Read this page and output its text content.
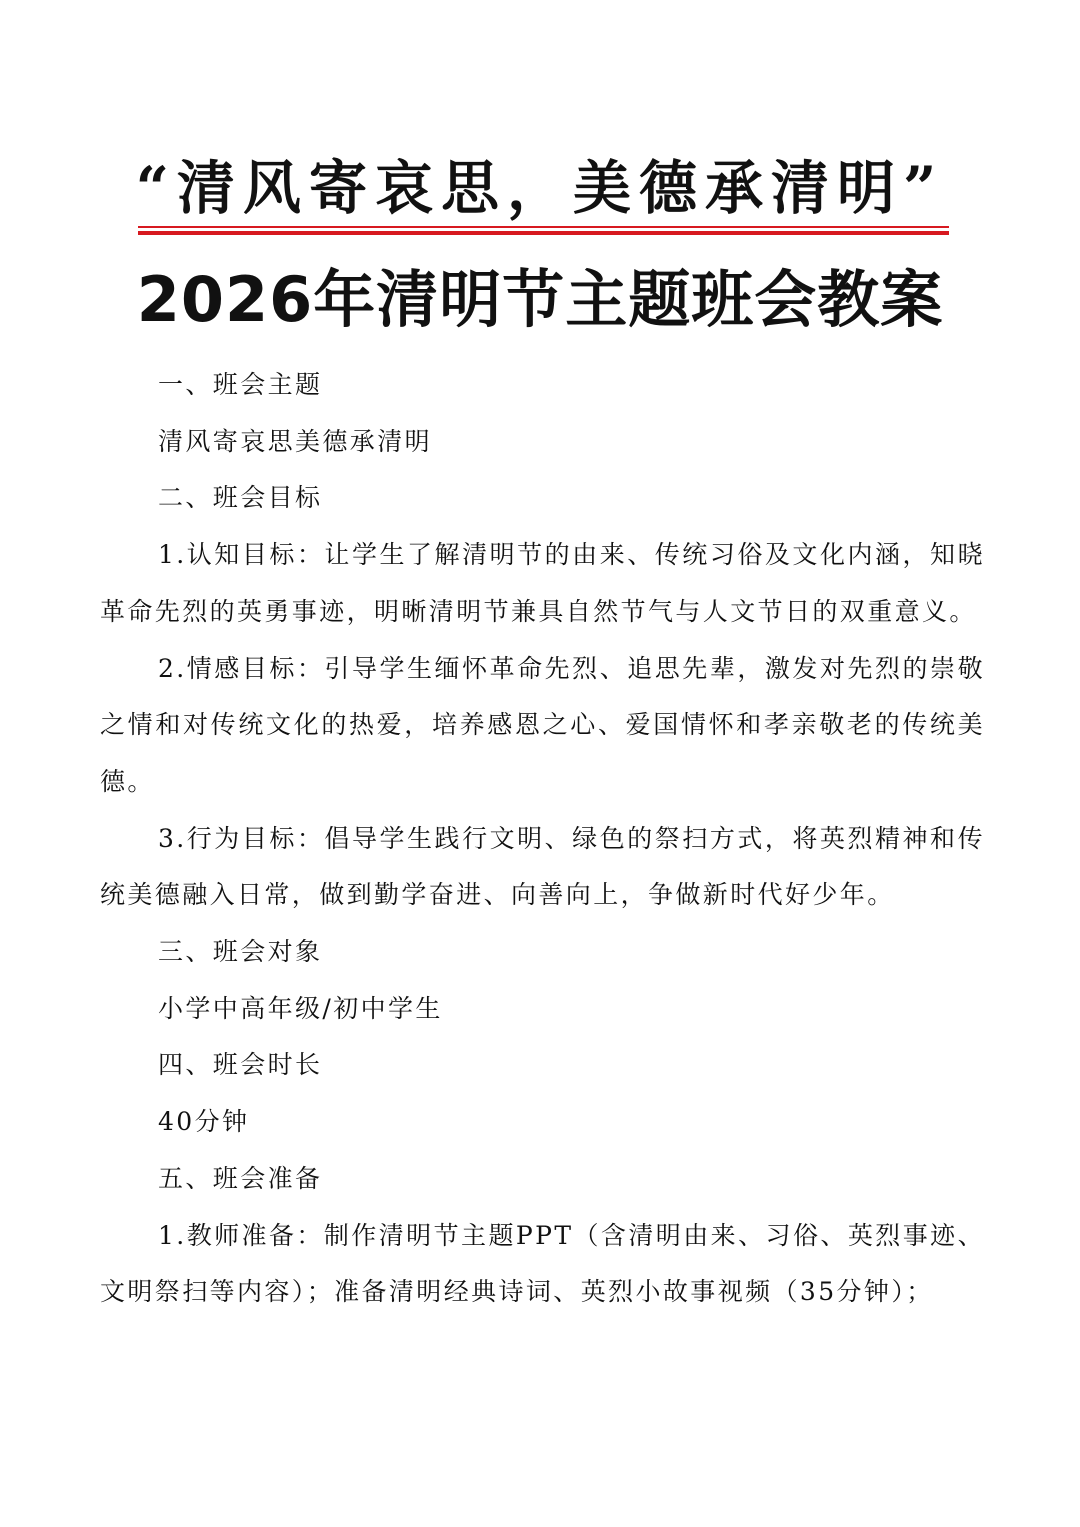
“清风寄哀思，美德承清明”
2026年清明节主题班会教案

一、班会主题

清风寄哀思美德承清明

二、班会目标

1.认知目标：让学生了解清明节的由来、传统习俗及文化内涵，知晓革命先烈的英勇事迹，明晰清明节兼具自然节气与人文节日的双重意义。

2.情感目标：引导学生缅怀革命先烈、追思先辈，激发对先烈的崇敬之情和对传统文化的热爱，培养感恩之心、爱国情怀和孝亲敬老的传统美德。

3.行为目标：倡导学生践行文明、绿色的祭扫方式，将英烈精神和传统美德融入日常，做到勤学奋进、向善向上，争做新时代好少年。

三、班会对象

小学中高年级/初中学生

四、班会时长

40分钟

五、班会准备

1.教师准备：制作清明节主题PPT（含清明由来、习俗、英烈事迹、文明祭扫等内容）；准备清明经典诗词、英烈小故事视频（35分钟）；
